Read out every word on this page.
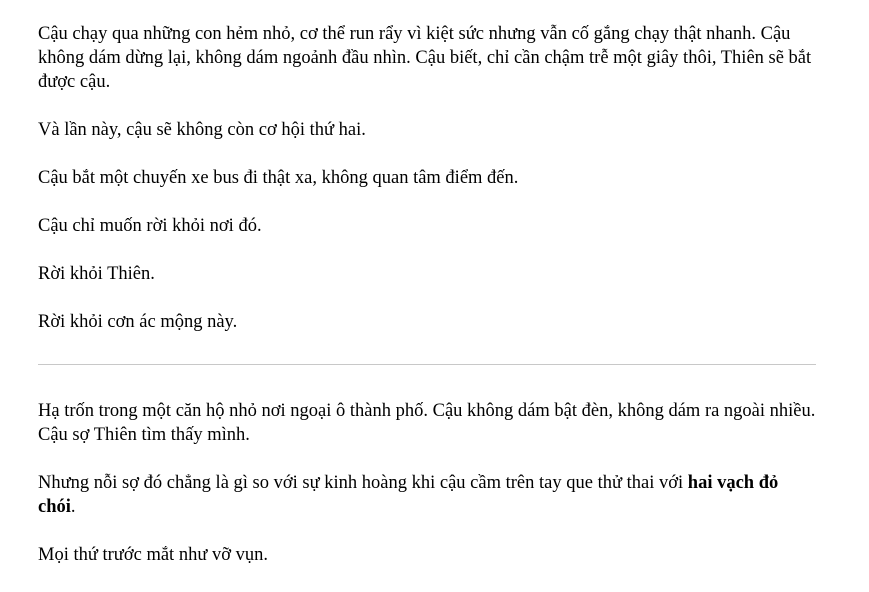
Cậu chạy qua những con hẻm nhỏ, cơ thể run rẩy vì kiệt sức nhưng vẫn cố gắng chạy thật nhanh. Cậu không dám dừng lại, không dám ngoảnh đầu nhìn. Cậu biết, chỉ cần chậm trễ một giây thôi, Thiên sẽ bắt được cậu.

Và lần này, cậu sẽ không còn cơ hội thứ hai.

Cậu bắt một chuyến xe bus đi thật xa, không quan tâm điểm đến.

Cậu chỉ muốn rời khỏi nơi đó.

Rời khỏi Thiên.

Rời khỏi cơn ác mộng này.

Hạ trốn trong một căn hộ nhỏ nơi ngoại ô thành phố. Cậu không dám bật đèn, không dám ra ngoài nhiều. Cậu sợ Thiên tìm thấy mình.

Nhưng nỗi sợ đó chẳng là gì so với sự kinh hoàng khi cậu cầm trên tay que thử thai với hai vạch đỏ chói.

Mọi thứ trước mắt như vỡ vụn.
